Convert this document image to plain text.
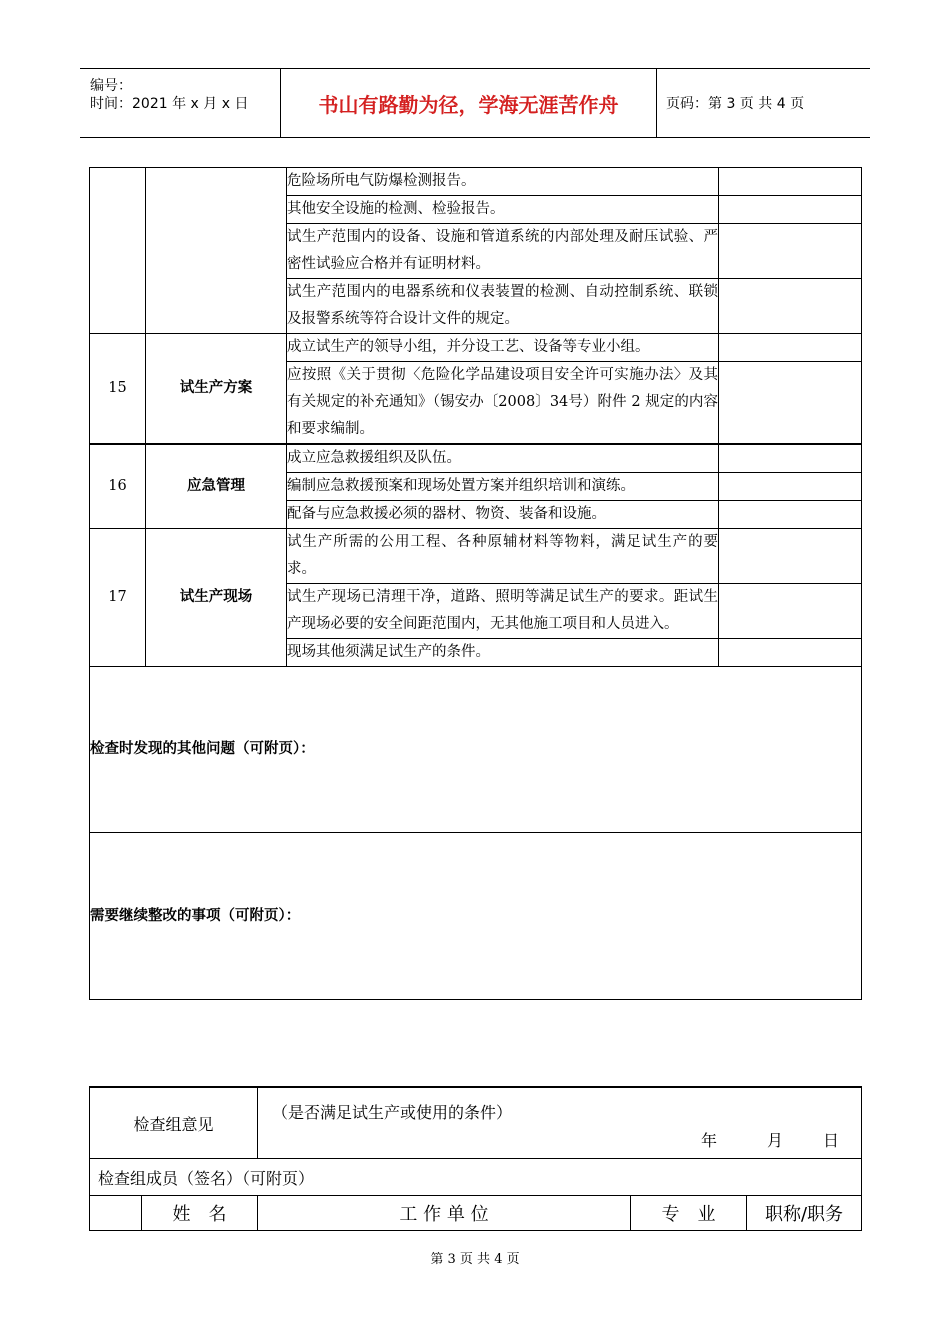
编号：
时间：2021 年 x 月 x 日	书山有路勤为径，学海无涯苦作舟	页码：第 3 页 共 4 页
		危险场所电气防爆检测报告。	
		其他安全设施的检测、检验报告。	
		试生产范围内的设备、设施和管道系统的内部处理及耐压试验、严密性试验应合格并有证明材料。	
		试生产范围内的电器系统和仪表装置的检测、自动控制系统、联锁及报警系统等符合设计文件的规定。	
15	试生产方案	成立试生产的领导小组，并分设工艺、设备等专业小组。	
		应按照《关于贯彻〈危险化学品建设项目安全许可实施办法〉及其有关规定的补充通知》（锡安办〔2008〕34号）附件 2 规定的内容和要求编制。	
16	应急管理	成立应急救援组织及队伍。	
		编制应急救援预案和现场处置方案并组织培训和演练。	
		配备与应急救援必须的器材、物资、装备和设施。	
17	试生产现场	试生产所需的公用工程、各种原辅材料等物料，满足试生产的要求。	
		试生产现场已清理干净，道路、照明等满足试生产的要求。距试生产现场必要的安全间距范围内，无其他施工项目和人员进入。	
		现场其他须满足试生产的条件。	
检查时发现的其他问题（可附页）：			
需要继续整改的事项（可附页）：			
检查组意见		（是否满足试生产或使用的条件）
年 月 日		

检查组成员（签名）（可附页）				
	姓　名	工 作 单 位	专　业	职称/职务
第 3 页 共 4 页
